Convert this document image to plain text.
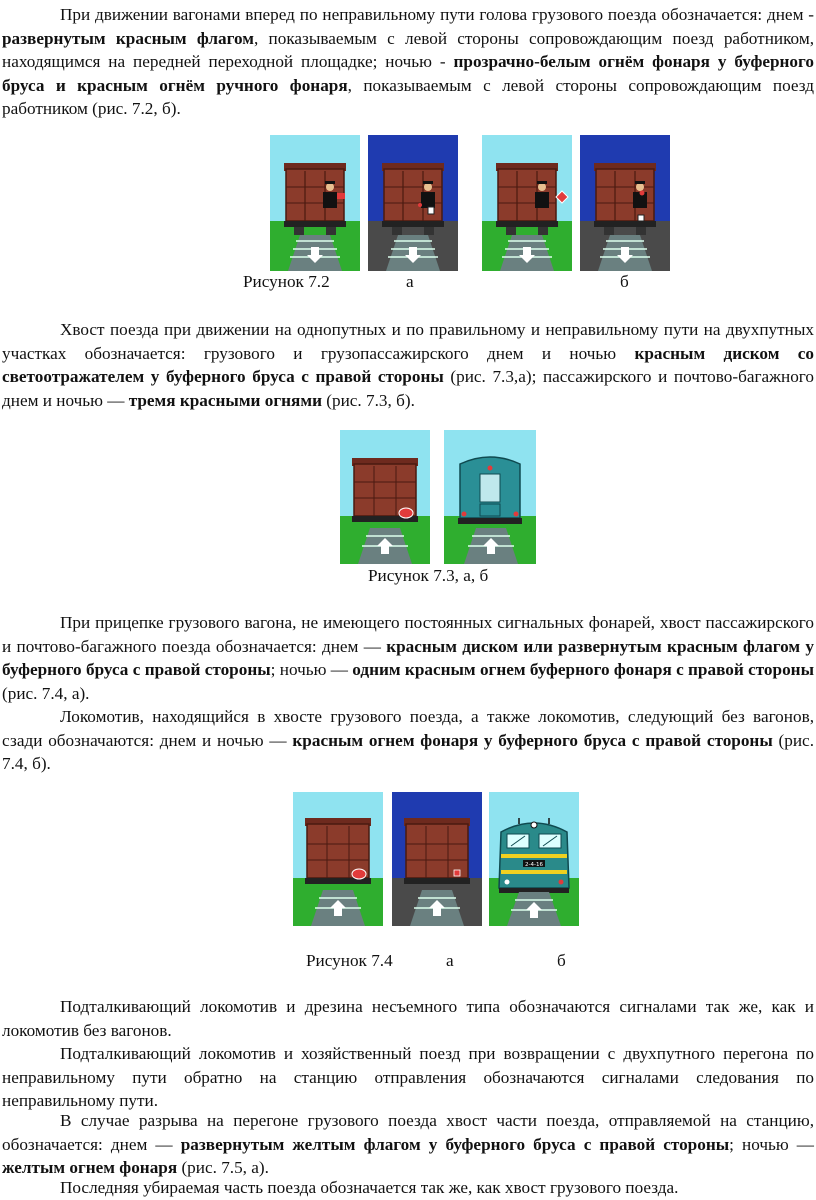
При движении вагонами вперед по неправильному пути голова грузового поезда обозначается: днем - развернутым красным флагом, показываемым с левой стороны сопровождающим поезд работником, находящимся на передней переходной площадке; ночью - прозрачно-белым огнём фонаря у буферного бруса и красным огнём ручного фонаря, показываемым с левой стороны сопровождающим поезд работником (рис. 7.2, б).

Рисунок 7.2	а	б

Хвост поезда при движении на однопутных и по правильному и неправильному пути на двухпутных участках обозначается: грузового и грузопассажирского днем и ночью красным диском со светоотражателем у буферного бруса с правой стороны (рис. 7.3,а); пассажирского и почтово-багажного днем и ночью — тремя красными огнями (рис. 7.3, б).

Рисунок 7.3, а, б

При прицепке грузового вагона, не имеющего постоянных сигнальных фонарей, хвост пассажирского и почтово-багажного поезда обозначается: днем — красным диском или развернутым красным флагом у буферного бруса с правой стороны; ночью — одним красным огнем буферного фонаря с правой стороны (рис. 7.4, а).

Локомотив, находящийся в хвосте грузового поезда, а также локомотив, следующий без вагонов, сзади обозначаются: днем и ночью — красным огнем фонаря у буферного бруса с правой стороны (рис. 7.4, б).

2-4-16
Рисунок 7.4	а	б

Подталкивающий локомотив и дрезина несъемного типа обозначаются сигналами так же, как и локомотив без вагонов.

Подталкивающий локомотив и хозяйственный поезд при возвращении с двухпутного перегона по неправильному пути обратно на станцию отправления обозначаются сигналами следования по неправильному пути.

В случае разрыва на перегоне грузового поезда хвост части поезда, отправляемой на станцию, обозначается: днем — развернутым желтым флагом у буферного бруса с правой стороны; ночью — желтым огнем фонаря (рис. 7.5, а).

Последняя убираемая часть поезда обозначается так же, как хвост грузового поезда.
